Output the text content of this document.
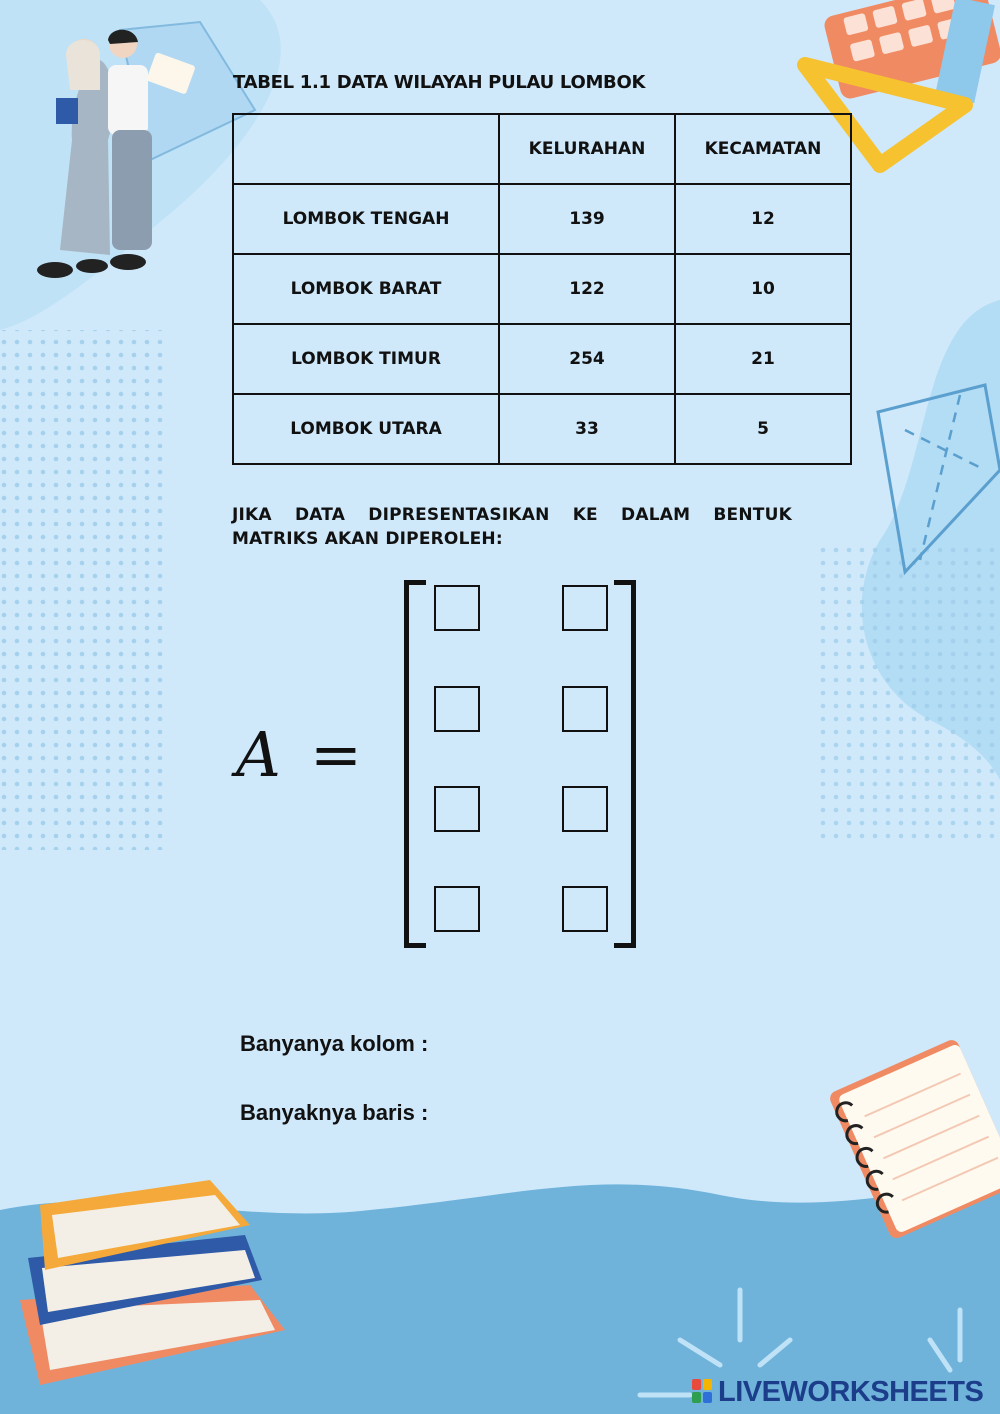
TABEL 1.1 DATA WILAYAH PULAU LOMBOK
	KELURAHAN	KECAMATAN
LOMBOK TENGAH	139	12
LOMBOK BARAT	122	10
LOMBOK TIMUR	254	21
LOMBOK UTARA	33	5
JIKA DATA DIPRESENTASIKAN KE DALAM BENTUK
MATRIKS AKAN DIPEROLEH:
A =
Banyanya kolom :
Banyaknya baris :
LIVEWORKSHEETS
